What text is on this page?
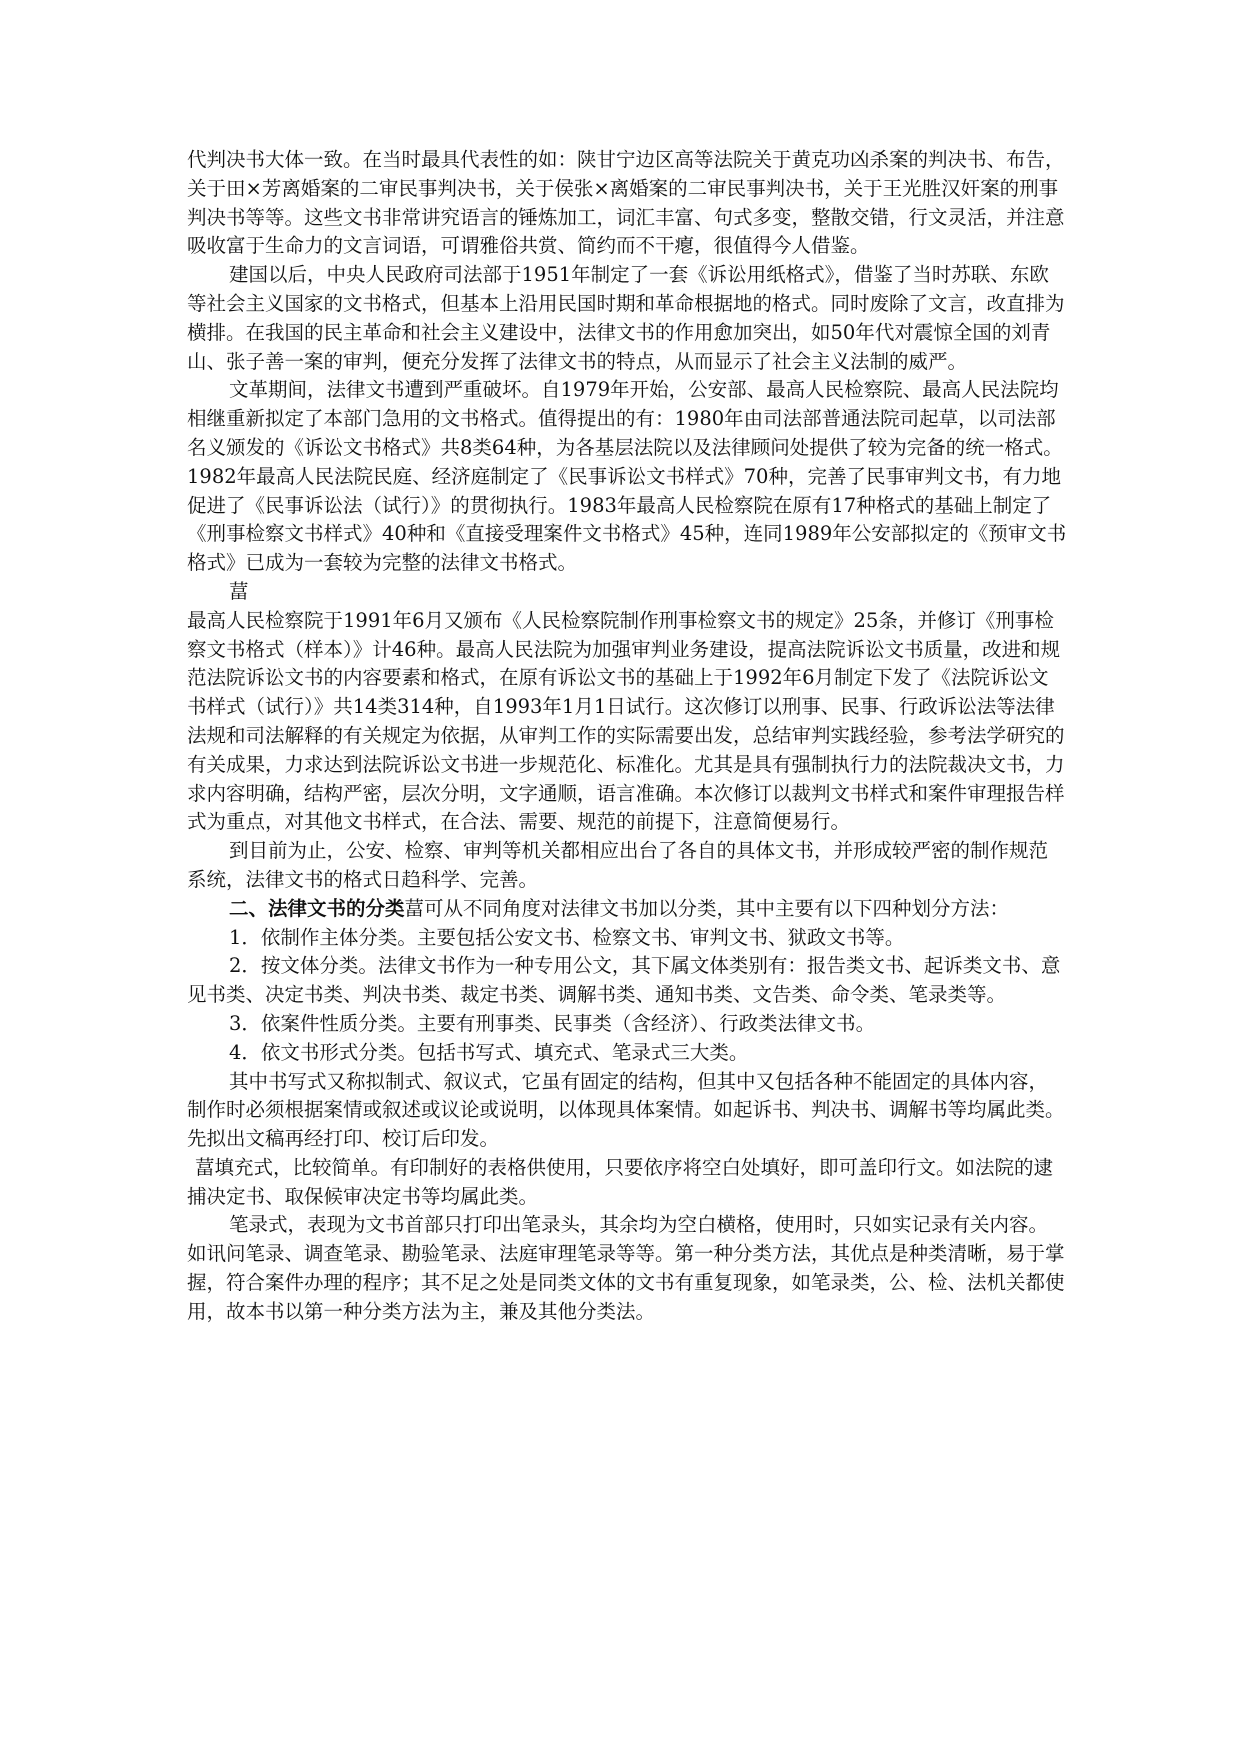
代判决书大体一致。在当时最具代表性的如：陕甘宁边区高等法院关于黄克功凶杀案的判决书、布告，关于田×芳离婚案的二审民事判决书，关于侯张×离婚案的二审民事判决书，关于王光胜汉奸案的刑事判决书等等。这些文书非常讲究语言的锤炼加工，词汇丰富、句式多变，整散交错，行文灵活，并注意吸收富于生命力的文言词语，可谓雅俗共赏、简约而不干瘪，很值得今人借鉴。

建国以后，中央人民政府司法部于1951年制定了一套《诉讼用纸格式》，借鉴了当时苏联、东欧等社会主义国家的文书格式，但基本上沿用民国时期和革命根据地的格式。同时废除了文言，改直排为横排。在我国的民主革命和社会主义建设中，法律文书的作用愈加突出，如50年代对震惊全国的刘青山、张子善一案的审判，便充分发挥了法律文书的特点，从而显示了社会主义法制的威严。

文革期间，法律文书遭到严重破坏。自1979年开始，公安部、最高人民检察院、最高人民法院均相继重新拟定了本部门急用的文书格式。值得提出的有：1980年由司法部普通法院司起草，以司法部名义颁发的《诉讼文书格式》共8类64种，为各基层法院以及法律顾问处提供了较为完备的统一格式。1982年最高人民法院民庭、经济庭制定了《民事诉讼文书样式》70种，完善了民事审判文书，有力地促进了《民事诉讼法（试行）》的贯彻执行。1983年最高人民检察院在原有17种格式的基础上制定了《刑事检察文书样式》40种和《直接受理案件文书格式》45种，连同1989年公安部拟定的《预审文书格式》已成为一套较为完整的法律文书格式。

葍

最高人民检察院于1991年6月又颁布《人民检察院制作刑事检察文书的规定》25条，并修订《刑事检察文书格式（样本）》计46种。最高人民法院为加强审判业务建设，提高法院诉讼文书质量，改进和规范法院诉讼文书的内容要素和格式，在原有诉讼文书的基础上于1992年6月制定下发了《法院诉讼文书样式（试行）》共14类314种，自1993年1月1日试行。这次修订以刑事、民事、行政诉讼法等法律法规和司法解释的有关规定为依据，从审判工作的实际需要出发，总结审判实践经验，参考法学研究的有关成果，力求达到法院诉讼文书进一步规范化、标准化。尤其是具有强制执行力的法院裁决文书，力求内容明确，结构严密，层次分明，文字通顺，语言准确。本次修订以裁判文书样式和案件审理报告样式为重点，对其他文书样式，在合法、需要、规范的前提下，注意简便易行。

到目前为止，公安、检察、审判等机关都相应出台了各自的具体文书，并形成较严密的制作规范系统，法律文书的格式日趋科学、完善。

二、法律文书的分类葍可从不同角度对法律文书加以分类，其中主要有以下四种划分方法：

1．依制作主体分类。主要包括公安文书、检察文书、审判文书、狱政文书等。

2．按文体分类。法律文书作为一种专用公文，其下属文体类别有：报告类文书、起诉类文书、意见书类、决定书类、判决书类、裁定书类、调解书类、通知书类、文告类、命令类、笔录类等。

3．依案件性质分类。主要有刑事类、民事类（含经济）、行政类法律文书。

4．依文书形式分类。包括书写式、填充式、笔录式三大类。

其中书写式又称拟制式、叙议式，它虽有固定的结构，但其中又包括各种不能固定的具体内容，制作时必须根据案情或叙述或议论或说明，以体现具体案情。如起诉书、判决书、调解书等均属此类。先拟出文稿再经打印、校订后印发。

葍填充式，比较简单。有印制好的表格供使用，只要依序将空白处填好，即可盖印行文。如法院的逮捕决定书、取保候审决定书等均属此类。

笔录式，表现为文书首部只打印出笔录头，其余均为空白横格，使用时，只如实记录有关内容。如讯问笔录、调查笔录、勘验笔录、法庭审理笔录等等。第一种分类方法，其优点是种类清晰，易于掌握，符合案件办理的程序；其不足之处是同类文体的文书有重复现象，如笔录类，公、检、法机关都使用，故本书以第一种分类方法为主，兼及其他分类法。
